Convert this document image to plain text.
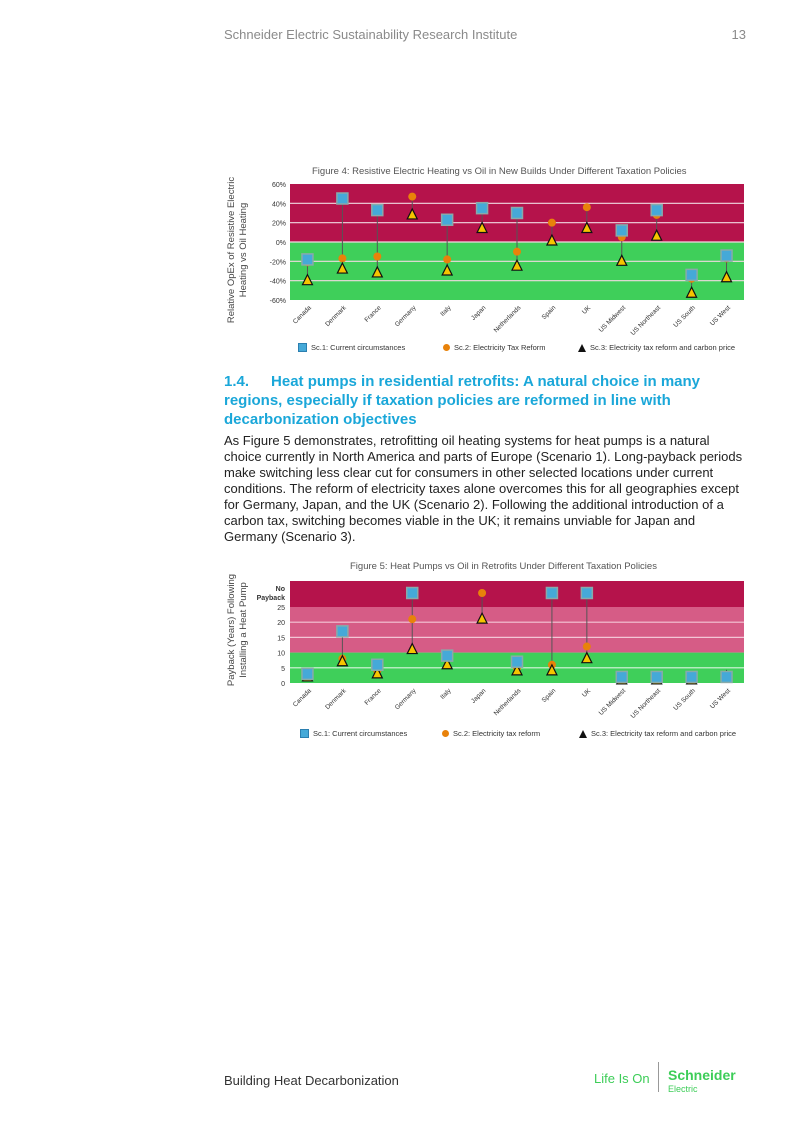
Schneider Electric Sustainability Research Institute	13
Figure 4: Resistive Electric Heating vs Oil in New Builds Under Different Taxation Policies
Relative OpEx of Resistive Electric Heating vs Oil Heating
60%
40%
20%
0%
-20%
-40%
-60%
Canada Denmark France Germany	Italy	Japan Netherlands	Spain	UK US Midwest US Northeast US South US West
Sc.1: Current circumstances	Sc.2: Electricity Tax Reform	Sc.3: Electricity tax reform and carbon price
1.4. Heat pumps in residential retrofits: A natural choice in many regions, especially if taxation policies are reformed in line with decarbonization objectives

As Figure 5 demonstrates, retrofitting oil heating systems for heat pumps is a natural choice currently in North America and parts of Europe (Scenario 1). Long-payback periods make switching less clear cut for consumers in other selected locations under current conditions. The reform of electricity taxes alone overcomes this for all geographies except for Germany, Japan, and the UK (Scenario 2). Following the additional introduction of a carbon tax, switching becomes viable in the UK; it remains unviable for Japan and Germany (Scenario 3).

Figure 5: Heat Pumps vs Oil in Retrofits Under Different Taxation Policies
Payback (Years) Following Installing a Heat Pump	No
Payback
25
20
15
10
5
0
Canada Denmark France Germany	Italy	Japan Netherlands	Spain	UK US Midwest US Northeast US South US West
Sc.1: Current circumstances	Sc.2: Electricity tax reform	Sc.3: Electricity tax reform and carbon price
Building Heat Decarbonization	Life Is On Schneider
Electric
